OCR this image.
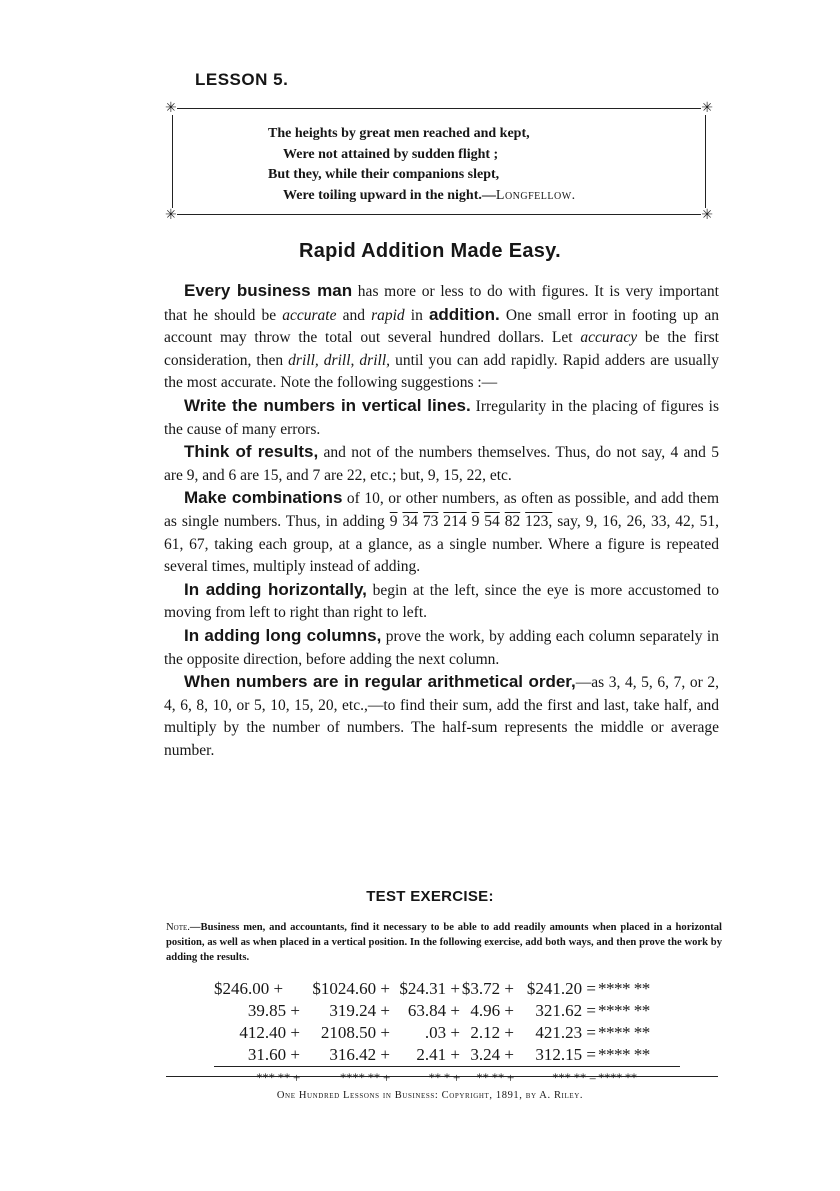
LESSON 5.
✳	✳
✳	✳
The heights by great men reached and kept,
Were not attained by sudden flight ;
But they, while their companions slept,
Were toiling upward in the night.—Longfellow.
Rapid Addition Made Easy.

Every business man has more or less to do with figures. It is very important that he should be accurate and rapid in addition. One small error in footing up an account may throw the total out several hundred dollars. Let accuracy be the first consideration, then drill, drill, drill, until you can add rapidly. Rapid adders are usually the most accurate. Note the following suggestions :—

Write the numbers in vertical lines. Irregularity in the placing of figures is the cause of many errors.

Think of results, and not of the numbers themselves. Thus, do not say, 4 and 5 are 9, and 6 are 15, and 7 are 22, etc.; but, 9, 15, 22, etc.

Make combinations of 10, or other numbers, as often as possible, and add them as single numbers. Thus, in adding 9 34 73 214 9 54 82 123, say, 9, 16, 26, 33, 42, 51, 61, 67, taking each group, at a glance, as a single number. Where a figure is repeated several times, multiply instead of adding.

In adding horizontally, begin at the left, since the eye is more accustomed to moving from left to right than right to left.

In adding long columns, prove the work, by adding each column separately in the opposite direction, before adding the next column.

When numbers are in regular arithmetical order,—as 3, 4, 5, 6, 7, or 2, 4, 6, 8, 10, or 5, 10, 15, 20, etc.,—to find their sum, add the first and last, take half, and multiply by the number of numbers. The half-sum represents the middle or average number.

TEST EXERCISE:
Note.—Business men, and accountants, find it necessary to be able to add readily amounts when placed in a horizontal position, as well as when placed in a vertical position. In the following exercise, add both ways, and then prove the work by adding the results.
$246.00 +	$1024.60 + $24.31 + $3.72 + $241.20 = **** **
39.85 +	319.24 +	63.84 + 4.96 +	321.62 = **** **
412.40 +	2108.50 +	.03 + 2.12 +	421.23 = **** **
31.60 +	316.42 +	2.41 + 3.24 +	312.15 = **** **
*** ** +	**** ** +	** * +	** ** +	*** ** = **** **
One Hundred Lessons in Business: Copyright, 1891, by A. Riley.
